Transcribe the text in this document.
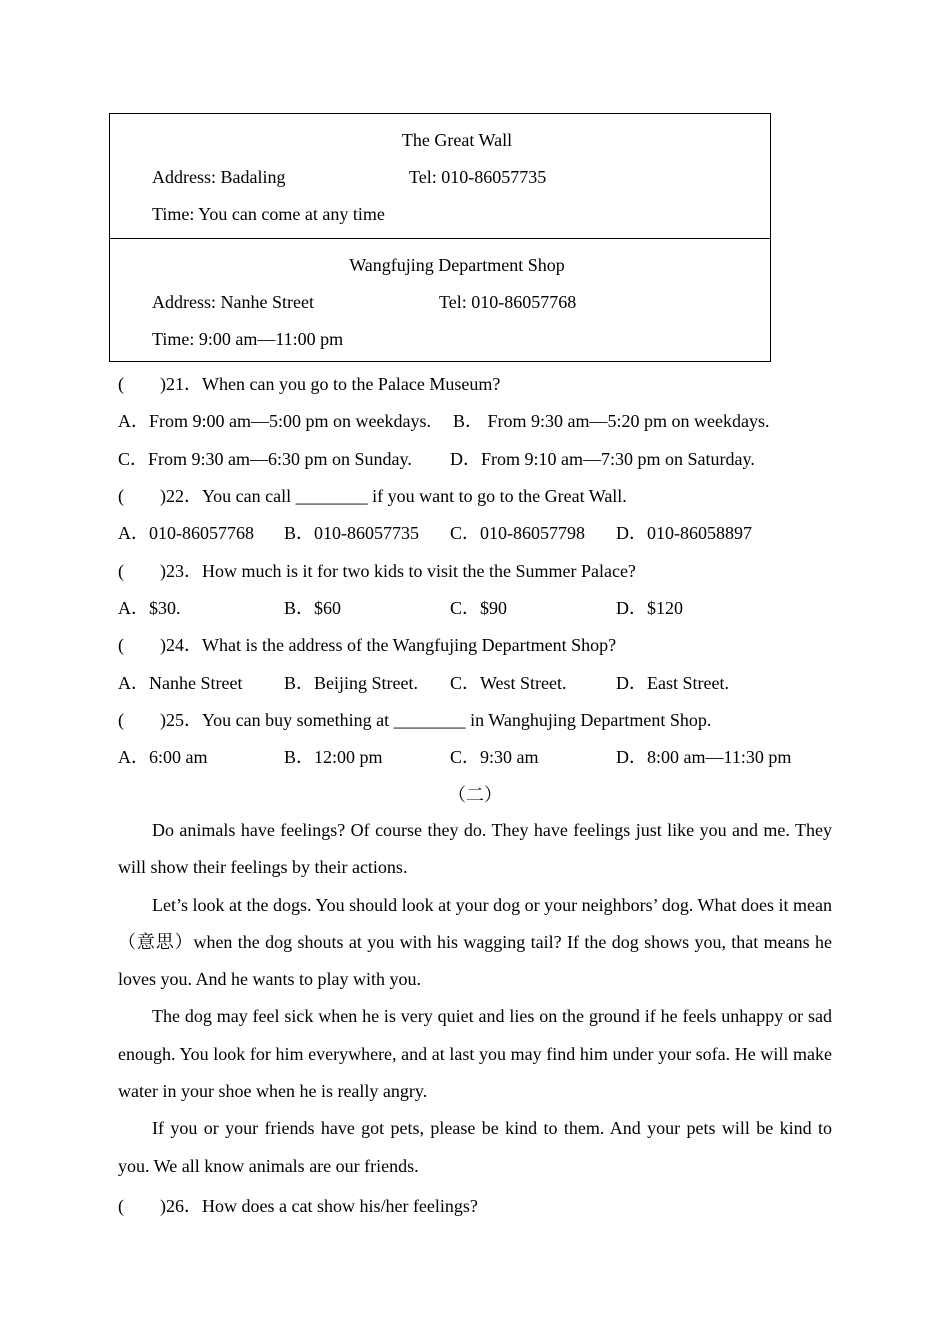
The Great Wall
Address: Badaling	Tel: 010-86057735
Time: You can come at any time
Wangfujing Department Shop
Address: Nanhe Street	Tel: 010-86057768
Time: 9:00 am—11:00 pm
(　　)21．When can you go to the Palace Museum?
A．From 9:00 am—5:00 pm on weekdays. B． From 9:30 am—5:20 pm on weekdays.
C．From 9:30 am—6:30 pm on Sunday. D．From 9:10 am—7:30 pm on Saturday.
(　　)22．You can call ________ if you want to go to the Great Wall.
A．010-86057768 B．010-86057735 C．010-86057798 D．010-86058897
(　　)23．How much is it for two kids to visit the the Summer Palace?
A．$30.	B．$60	C．$90	D．$120
(　　)24．What is the address of the Wangfujing Department Shop?
A．Nanhe Street B．Beijing Street. C．West Street.	D．East Street.
(　　)25．You can buy something at ________ in Wanghujing Department Shop.
A．6:00 am	B．12:00 pm	C．9:30 am	D．8:00 am—11:30 pm
（二）

Do animals have feelings? Of course they do. They have feelings just like you and me. They will show their feelings by their actions.

Let’s look at the dogs. You should look at your dog or your neighbors’ dog. What does it mean（意思）when the dog shouts at you with his wagging tail? If the dog shows you, that means he loves you. And he wants to play with you.

The dog may feel sick when he is very quiet and lies on the ground if he feels unhappy or sad enough. You look for him everywhere, and at last you may find him under your sofa. He will make water in your shoe when he is really angry.

If you or your friends have got pets, please be kind to them. And your pets will be kind to you. We all know animals are our friends.

(　　)26．How does a cat show his/her feelings?
